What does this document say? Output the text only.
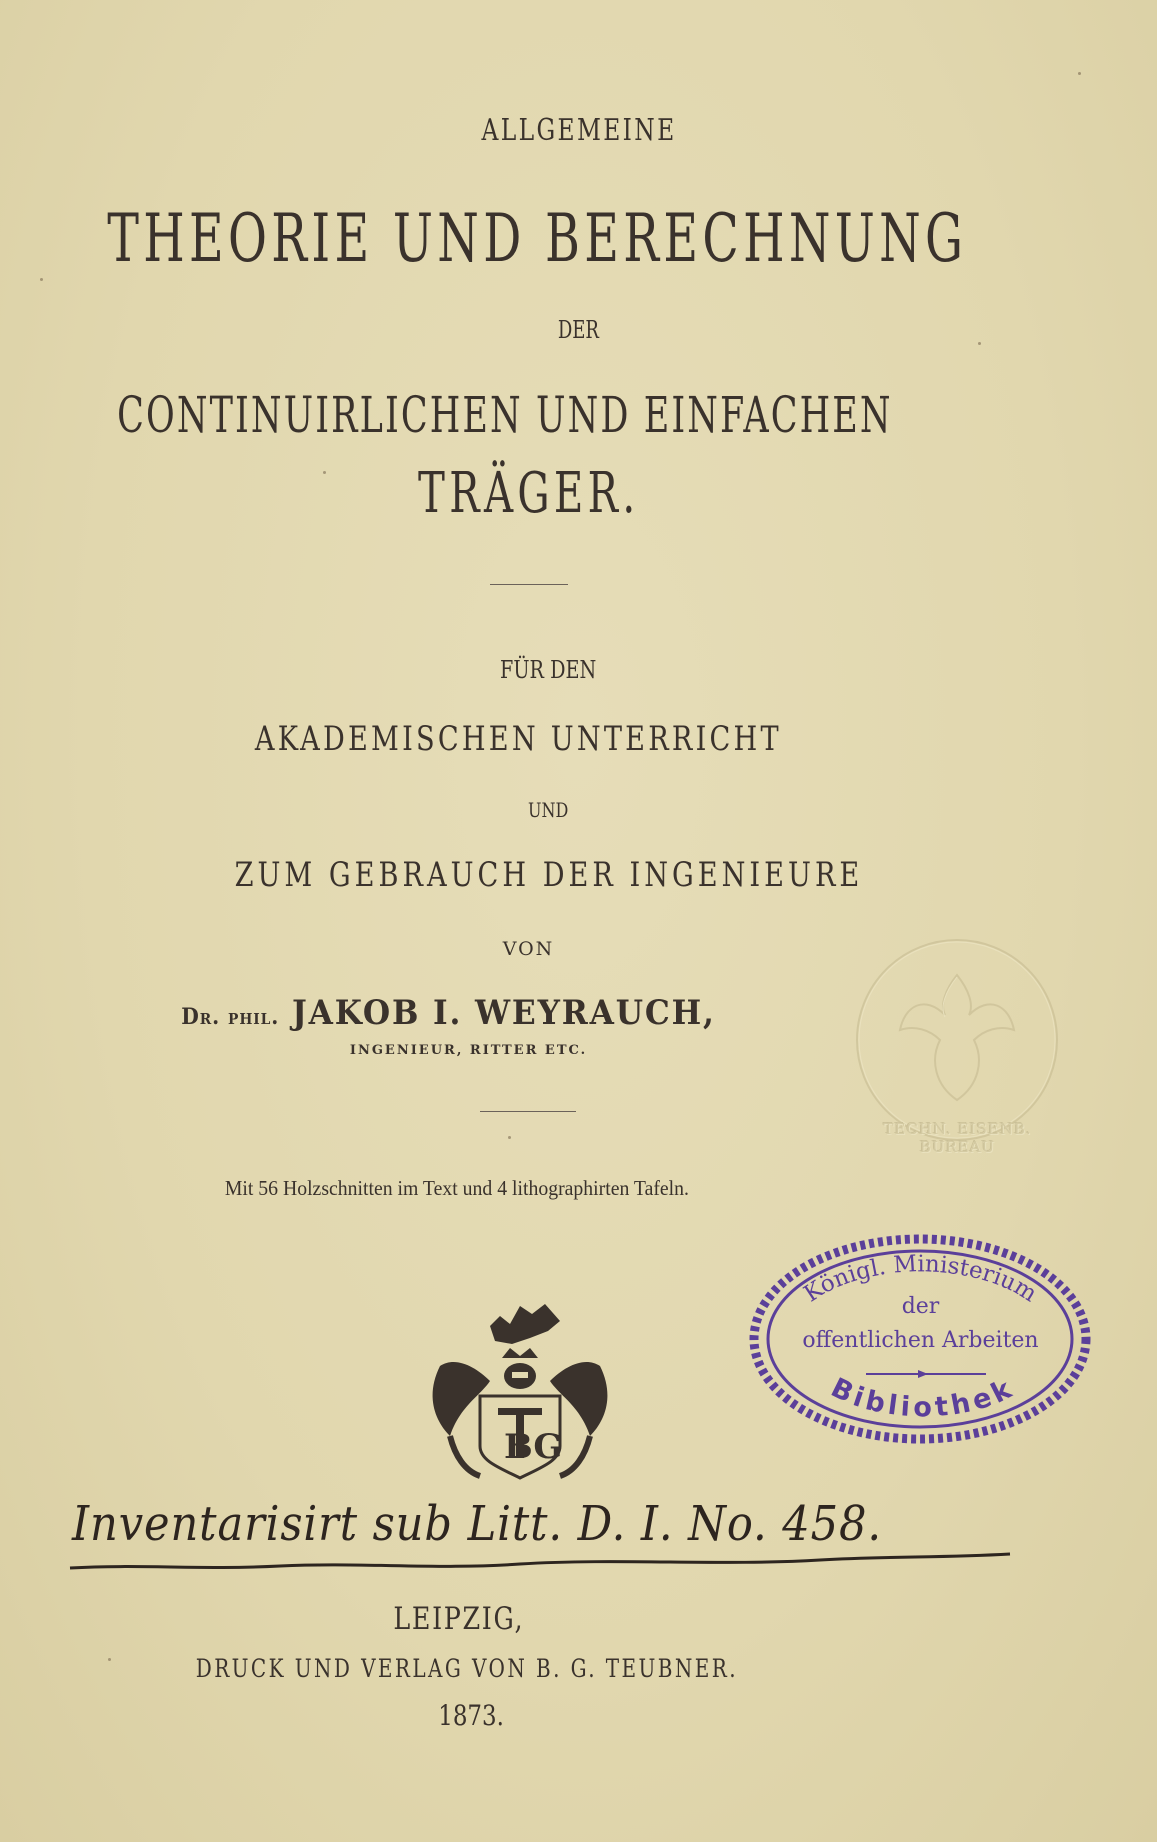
ALLGEMEINE
THEORIE UND BERECHNUNG
DER
CONTINUIRLICHEN UND EINFACHEN
TRÄGER.
FÜR DEN
AKADEMISCHEN UNTERRICHT
UND
ZUM GEBRAUCH DER INGENIEURE
VON
Dr. phil. JAKOB I. WEYRAUCH,
INGENIEUR, RITTER ETC.
Mit 56 Holzschnitten im Text und 4 lithographirten Tafeln.
TECHN. EISENB.
BUREAU
Königl. Ministerium
Bibliothek
der
offentlichen Arbeiten
BG
Inventarisirt sub Litt. D. I. No. 458.
LEIPZIG,
DRUCK UND VERLAG VON B. G. TEUBNER.
1873.
